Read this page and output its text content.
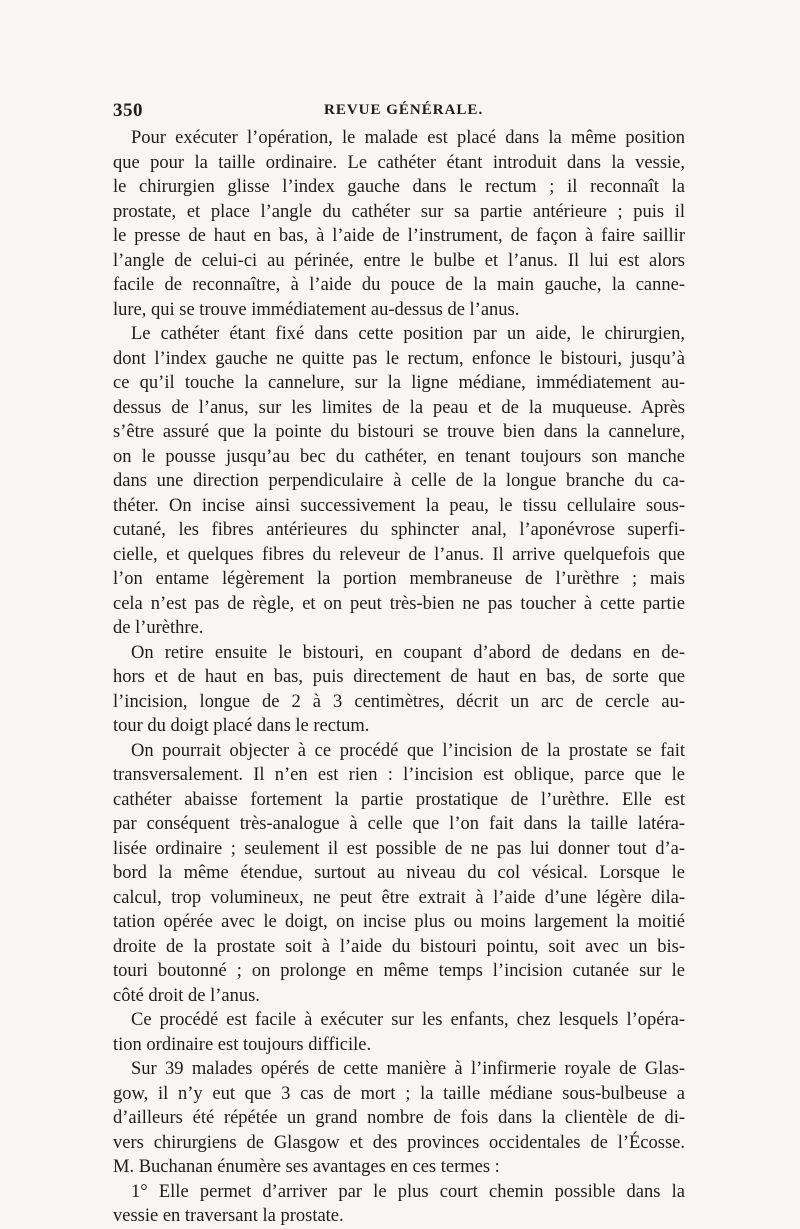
350	REVUE GÉNÉRALE.
Pour exécuter l’opération, le malade est placé dans la même position
que pour la taille ordinaire. Le cathéter étant introduit dans la vessie,
le chirurgien glisse l’index gauche dans le rectum ; il reconnaît la
prostate, et place l’angle du cathéter sur sa partie antérieure ; puis il
le presse de haut en bas, à l’aide de l’instrument, de façon à faire saillir
l’angle de celui-ci au périnée, entre le bulbe et l’anus. Il lui est alors
facile de reconnaître, à l’aide du pouce de la main gauche, la canne-
lure, qui se trouve immédiatement au-dessus de l’anus.
Le cathéter étant fixé dans cette position par un aide, le chirurgien,
dont l’index gauche ne quitte pas le rectum, enfonce le bistouri, jusqu’à
ce qu’il touche la cannelure, sur la ligne médiane, immédiatement au-
dessus de l’anus, sur les limites de la peau et de la muqueuse. Après
s’être assuré que la pointe du bistouri se trouve bien dans la cannelure,
on le pousse jusqu’au bec du cathéter, en tenant toujours son manche
dans une direction perpendiculaire à celle de la longue branche du ca-
théter. On incise ainsi successivement la peau, le tissu cellulaire sous-
cutané, les fibres antérieures du sphincter anal, l’aponévrose superfi-
cielle, et quelques fibres du releveur de l’anus. Il arrive quelquefois que
l’on entame légèrement la portion membraneuse de l’urèthre ; mais
cela n’est pas de règle, et on peut très-bien ne pas toucher à cette partie
de l’urèthre.
On retire ensuite le bistouri, en coupant d’abord de dedans en de-
hors et de haut en bas, puis directement de haut en bas, de sorte que
l’incision, longue de 2 à 3 centimètres, décrit un arc de cercle au-
tour du doigt placé dans le rectum.
On pourrait objecter à ce procédé que l’incision de la prostate se fait
transversalement. Il n’en est rien : l’incision est oblique, parce que le
cathéter abaisse fortement la partie prostatique de l’urèthre. Elle est
par conséquent très-analogue à celle que l’on fait dans la taille latéra-
lisée ordinaire ; seulement il est possible de ne pas lui donner tout d’a-
bord la même étendue, surtout au niveau du col vésical. Lorsque le
calcul, trop volumineux, ne peut être extrait à l’aide d’une légère dila-
tation opérée avec le doigt, on incise plus ou moins largement la moitié
droite de la prostate soit à l’aide du bistouri pointu, soit avec un bis-
touri boutonné ; on prolonge en même temps l’incision cutanée sur le
côté droit de l’anus.
Ce procédé est facile à exécuter sur les enfants, chez lesquels l’opéra-
tion ordinaire est toujours difficile.
Sur 39 malades opérés de cette manière à l’infirmerie royale de Glas-
gow, il n’y eut que 3 cas de mort ; la taille médiane sous-bulbeuse a
d’ailleurs été répétée un grand nombre de fois dans la clientèle de di-
vers chirurgiens de Glasgow et des provinces occidentales de l’Écosse.
M. Buchanan énumère ses avantages en ces termes :
1° Elle permet d’arriver par le plus court chemin possible dans la
vessie en traversant la prostate.
